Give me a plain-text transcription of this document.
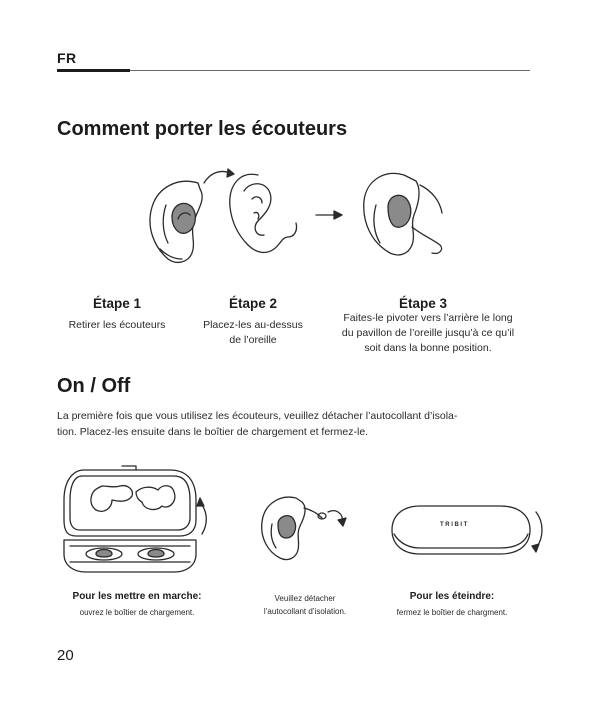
FR
Comment porter les écouteurs
Étape 1
Retirer les écouteurs
Étape 2
Placez-les au-dessus
de l’oreille
Étape 3
Faites-le pivoter vers l’arrière le long
du pavillon de l’oreille jusqu’à ce qu’il
soit dans la bonne position.
On / Off
La première fois que vous utilisez les écouteurs, veuillez détacher l’autocollant d’isola-
tion. Placez-les ensuite dans le boîtier de chargement et fermez-le.
TRIBIT
Pour les mettre en marche:
ouvrez le boîtier de chargement.
Veuillez détacher
l’autocollant d’isolation.
Pour les éteindre:
fermez le boîtier de chargment.
20
